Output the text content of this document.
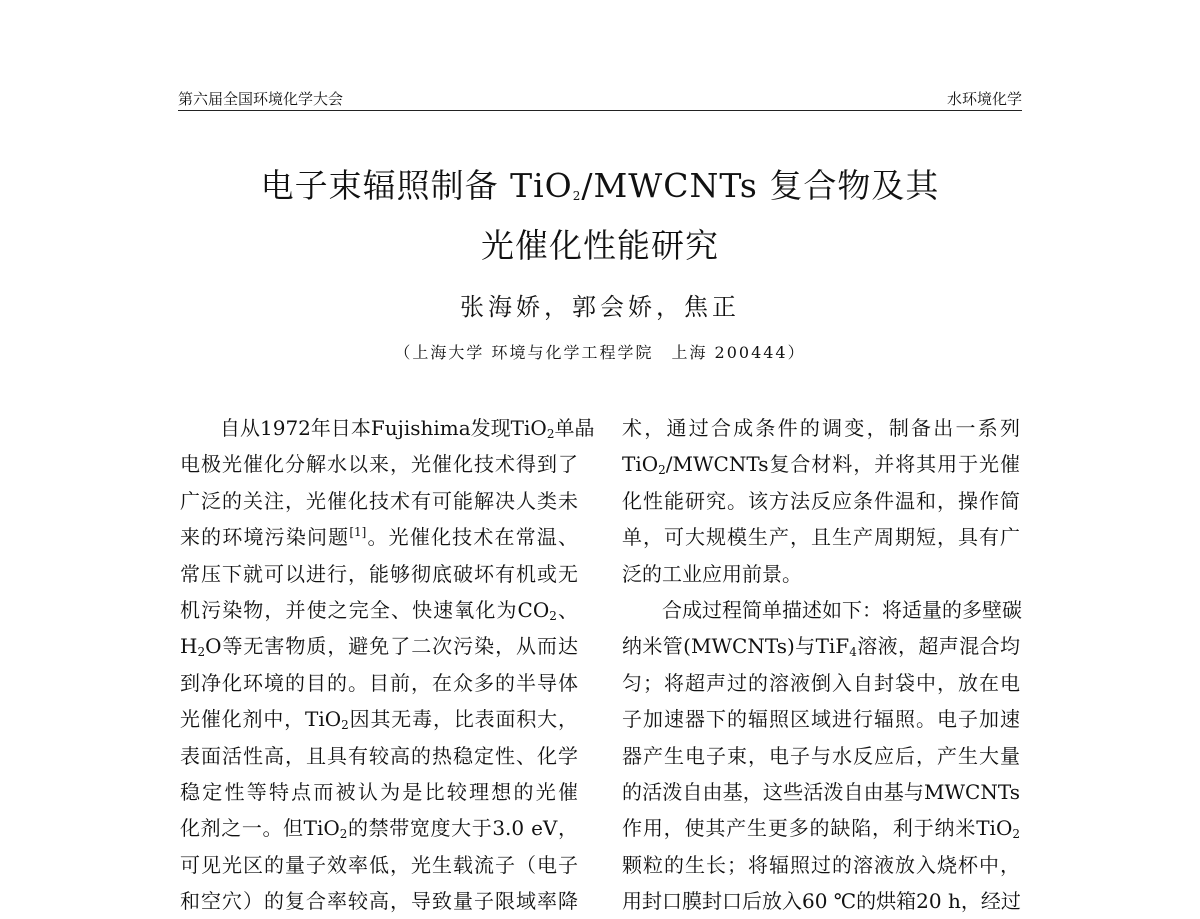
第六届全国环境化学大会	水环境化学
电子束辐照制备 TiO$_2$/MWCNTs 复合物及其
光催化性能研究
张海娇，郭会娇，焦正
（上海大学 环境与化学工程学院　上海 200444）
自从1972年日本Fujishima发现TiO$_2$单晶
电极光催化分解水以来，光催化技术得到了
广泛的关注，光催化技术有可能解决人类未
来的环境污染问题[1]。光催化技术在常温、
常压下就可以进行，能够彻底破坏有机或无
机污染物，并使之完全、快速氧化为$CO_2$、
$H_2O$等无害物质，避免了二次污染，从而达
到净化环境的目的。目前，在众多的半导体
光催化剂中，TiO$_2$因其无毒，比表面积大，
表面活性高，且具有较高的热稳定性、化学
稳定性等特点而被认为是比较理想的光催
化剂之一。但TiO$_2$的禁带宽度大于3.0 eV，
可见光区的量子效率低，光生载流子（电子
和空穴）的复合率较高，导致量子限域率降
术，通过合成条件的调变，制备出一系列
TiO$_2$/MWCNTs复合材料，并将其用于光催
化性能研究。该方法反应条件温和，操作简
单，可大规模生产，且生产周期短，具有广
泛的工业应用前景。
合成过程简单描述如下：将适量的多壁碳
纳米管(MWCNTs)与TiF$_4$溶液，超声混合均
匀；将超声过的溶液倒入自封袋中，放在电
子加速器下的辐照区域进行辐照。电子加速
器产生电子束，电子与水反应后，产生大量
的活泼自由基，这些活泼自由基与MWCNTs
作用，使其产生更多的缺陷，利于纳米TiO$_2$
颗粒的生长；将辐照过的溶液放入烧杯中，
用封口膜封口后放入60 ℃的烘箱20 h，经过
